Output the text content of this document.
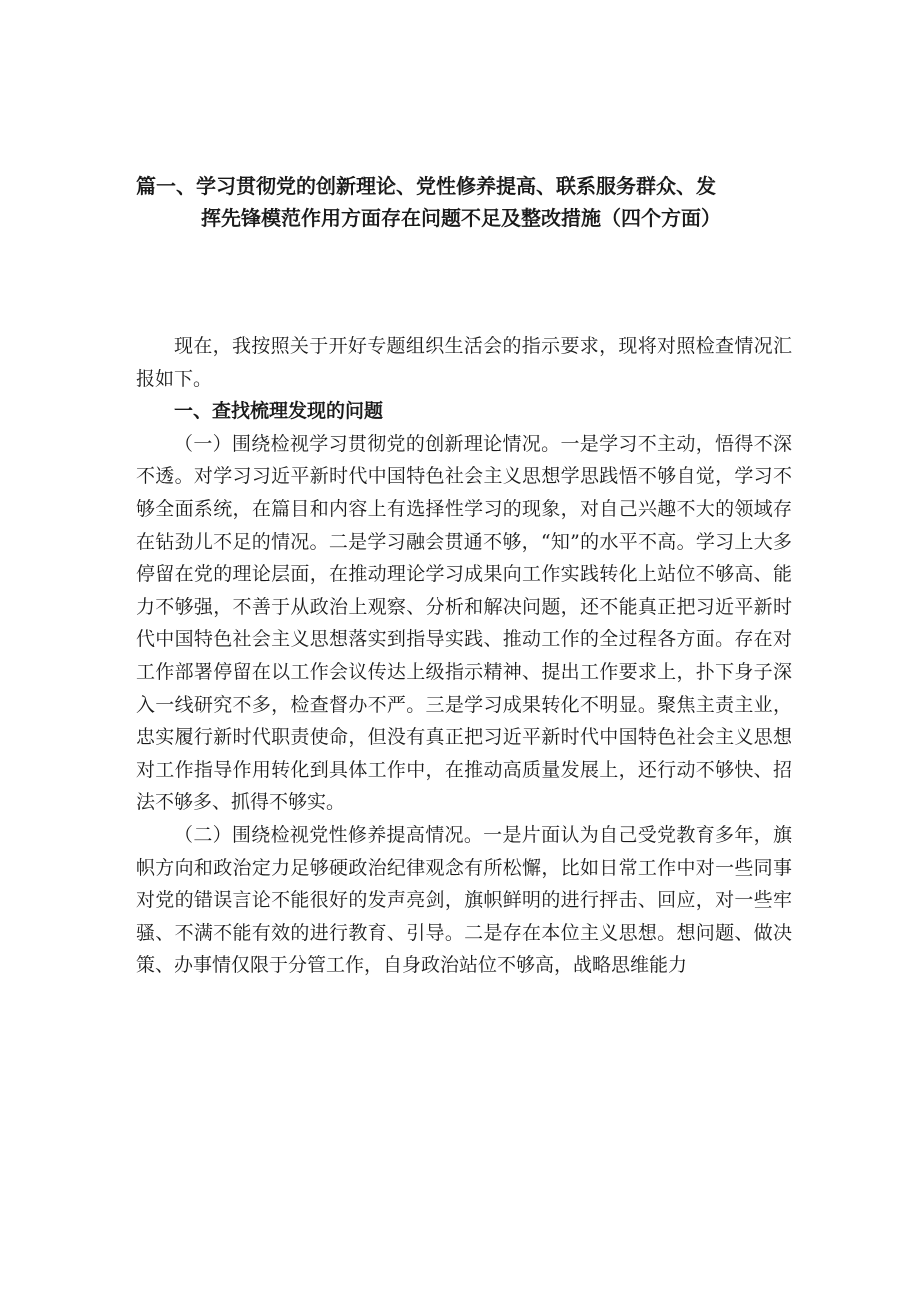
篇一、学习贯彻党的创新理论、党性修养提高、联系服务群众、发
挥先锋模范作用方面存在问题不足及整改措施（四个方面）

现在，我按照关于开好专题组织生活会的指示要求，现将对照检查情况汇报如下。

一、查找梳理发现的问题

（一）围绕检视学习贯彻党的创新理论情况。一是学习不主动，悟得不深不透。对学习习近平新时代中国特色社会主义思想学思践悟不够自觉，学习不够全面系统，在篇目和内容上有选择性学习的现象，对自己兴趣不大的领域存在钻劲儿不足的情况。二是学习融会贯通不够，“知”的水平不高。学习上大多停留在党的理论层面，在推动理论学习成果向工作实践转化上站位不够高、能力不够强，不善于从政治上观察、分析和解决问题，还不能真正把习近平新时代中国特色社会主义思想落实到指导实践、推动工作的全过程各方面。存在对工作部署停留在以工作会议传达上级指示精神、提出工作要求上，扑下身子深入一线研究不多，检查督办不严。三是学习成果转化不明显。聚焦主责主业，忠实履行新时代职责使命，但没有真正把习近平新时代中国特色社会主义思想对工作指导作用转化到具体工作中，在推动高质量发展上，还行动不够快、招法不够多、抓得不够实。

（二）围绕检视党性修养提高情况。一是片面认为自己受党教育多年，旗帜方向和政治定力足够硬政治纪律观念有所松懈，比如日常工作中对一些同事对党的错误言论不能很好的发声亮剑，旗帜鲜明的进行抨击、回应，对一些牢骚、不满不能有效的进行教育、引导。二是存在本位主义思想。想问题、做决策、办事情仅限于分管工作，自身政治站位不够高，战略思维能力
